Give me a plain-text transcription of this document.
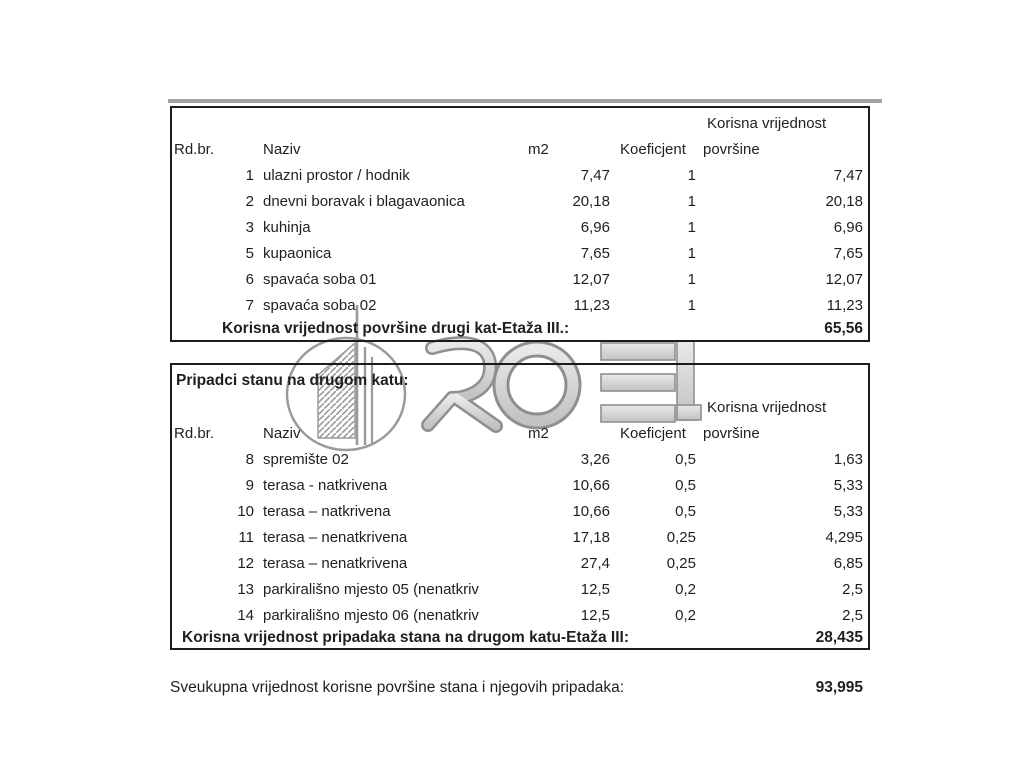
Korisna vrijednost
Rd.br.	Naziv	m2	Koeficjent	površine
1 ulazni prostor / hodnik	7,47	1	7,47
2 dnevni boravak i blagavaonica	20,18	1	20,18
3 kuhinja	6,96	1	6,96
5 kupaonica	7,65	1	7,65
6 spavaća soba 01	12,07	1	12,07
7 spavaća soba 02	11,23	1	11,23
Korisna vrijednost površine drugi kat-Etaža III.:	65,56
Pripadci stanu na drugom katu:
Korisna vrijednost
Rd.br.	Naziv	m2	Koeficjent	površine
8 spremište 02	3,26	0,5	1,63
9 terasa - natkrivena	10,66	0,5	5,33
10 terasa – natkrivena	10,66	0,5	5,33
11 terasa – nenatkrivena	17,18	0,25	4,295
12 terasa – nenatkrivena	27,4	0,25	6,85
13 parkirališno mjesto 05 (nenatkriv	12,5	0,2	2,5
14 parkirališno mjesto 06 (nenatkriv	12,5	0,2	2,5
Korisna vrijednost pripadaka stana na drugom katu-Etaža III:	28,435
Sveukupna vrijednost korisne površine stana i njegovih pripadaka:	93,995
